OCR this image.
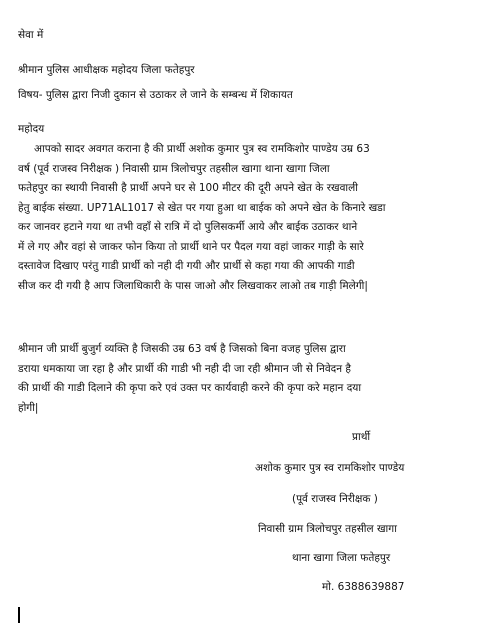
सेवा में
श्रीमान पुलिस आधीक्षक महोदय जिला फतेहपुर
विषय- पुलिस द्वारा निजी दुकान से उठाकर ले जाने के सम्बन्ध में शिकायत
महोदय
आपको सादर अवगत कराना है की प्रार्थी अशोक कुमार पुत्र स्व रामकिशोर पाण्डेय उम्र 63
वर्ष (पूर्व राजस्व निरीक्षक ) निवासी ग्राम त्रिलोचपुर तहसील खागा थाना खागा जिला
फतेहपुर का स्थायी निवासी है प्रार्थी अपने घर से 100 मीटर की दूरी अपने खेत के रखवाली
हेतु बाईक संख्या. UP71AL1017 से खेत पर गया हुआ था बाईक को अपने खेत के किनारे खडा
कर जानवर हटाने गया था तभी वहाँ से रात्रि में दो पुलिसकर्मी आये और बाईक उठाकर थाने
में ले गए और वहां से जाकर फोन किया तो प्रार्थी थाने पर पैदल गया वहां जाकर गाड़ी के सारे
दस्तावेज दिखाए परंतु गाडी प्रार्थी को नही दी गयी और प्रार्थी से कहा गया की आपकी गाडी
सीज कर दी गयी है आप जिलाधिकारी के पास जाओ और लिखवाकर लाओ तब गाड़ी मिलेगी|
श्रीमान जी प्रार्थी बुजुर्ग व्यक्ति है जिसकी उम्र 63 वर्ष है जिसको बिना वजह पुलिस द्वारा
डराया धमकाया जा रहा है और प्रार्थी की गाडी भी नही दी जा रही श्रीमान जी से निवेदन है
की प्रार्थी की गाडी दिलाने की कृपा करे एवं उक्त पर कार्यवाही करने की कृपा करे महान दया
होगी|
प्रार्थी
अशोक कुमार पुत्र स्व रामकिशोर पाण्डेय
(पूर्व राजस्व निरीक्षक )
निवासी ग्राम त्रिलोचपुर तहसील खागा
थाना खागा जिला फतेहपुर
मो. 6388639887
